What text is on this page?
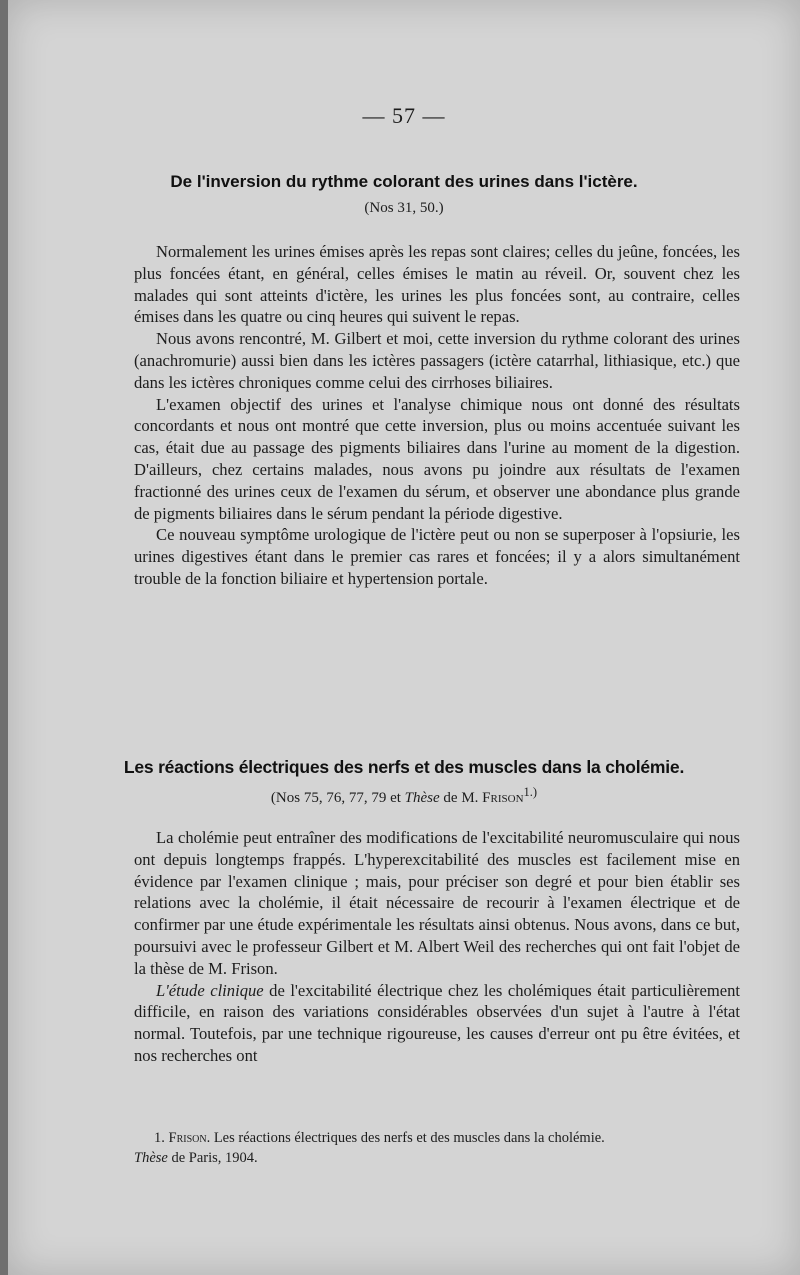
— 57 —
De l'inversion du rythme colorant des urines dans l'ictère.
(Nos 31, 50.)

Normalement les urines émises après les repas sont claires; celles du jeûne, foncées, les plus foncées étant, en général, celles émises le matin au réveil. Or, souvent chez les malades qui sont atteints d'ictère, les urines les plus foncées sont, au contraire, celles émises dans les quatre ou cinq heures qui suivent le repas.

Nous avons rencontré, M. Gilbert et moi, cette inversion du rythme colorant des urines (anachromurie) aussi bien dans les ictères passagers (ictère catarrhal, lithiasique, etc.) que dans les ictères chroniques comme celui des cirrhoses biliaires.

L'examen objectif des urines et l'analyse chimique nous ont donné des résultats concordants et nous ont montré que cette inversion, plus ou moins accentuée suivant les cas, était due au passage des pigments biliaires dans l'urine au moment de la digestion. D'ailleurs, chez certains malades, nous avons pu joindre aux résultats de l'examen fractionné des urines ceux de l'examen du sérum, et observer une abondance plus grande de pigments biliaires dans le sérum pendant la période digestive.

Ce nouveau symptôme urologique de l'ictère peut ou non se superposer à l'opsiurie, les urines digestives étant dans le premier cas rares et foncées; il y a alors simultanément trouble de la fonction biliaire et hypertension portale.

Les réactions électriques des nerfs et des muscles dans la cholémie.
(Nos 75, 76, 77, 79 et Thèse de M. Frison$^{1.)}$

La cholémie peut entraîner des modifications de l'excitabilité neuromusculaire qui nous ont depuis longtemps frappés. L'hyperexcitabilité des muscles est facilement mise en évidence par l'examen clinique ; mais, pour préciser son degré et pour bien établir ses relations avec la cholémie, il était nécessaire de recourir à l'examen électrique et de confirmer par une étude expérimentale les résultats ainsi obtenus. Nous avons, dans ce but, poursuivi avec le professeur Gilbert et M. Albert Weil des recherches qui ont fait l'objet de la thèse de M. Frison.

L'étude clinique de l'excitabilité électrique chez les cholémiques était particulièrement difficile, en raison des variations considérables observées d'un sujet à l'autre à l'état normal. Toutefois, par une technique rigoureuse, les causes d'erreur ont pu être évitées, et nos recherches ont

1. Frison. Les réactions électriques des nerfs et des muscles dans la cholémie.
Thèse de Paris, 1904.
